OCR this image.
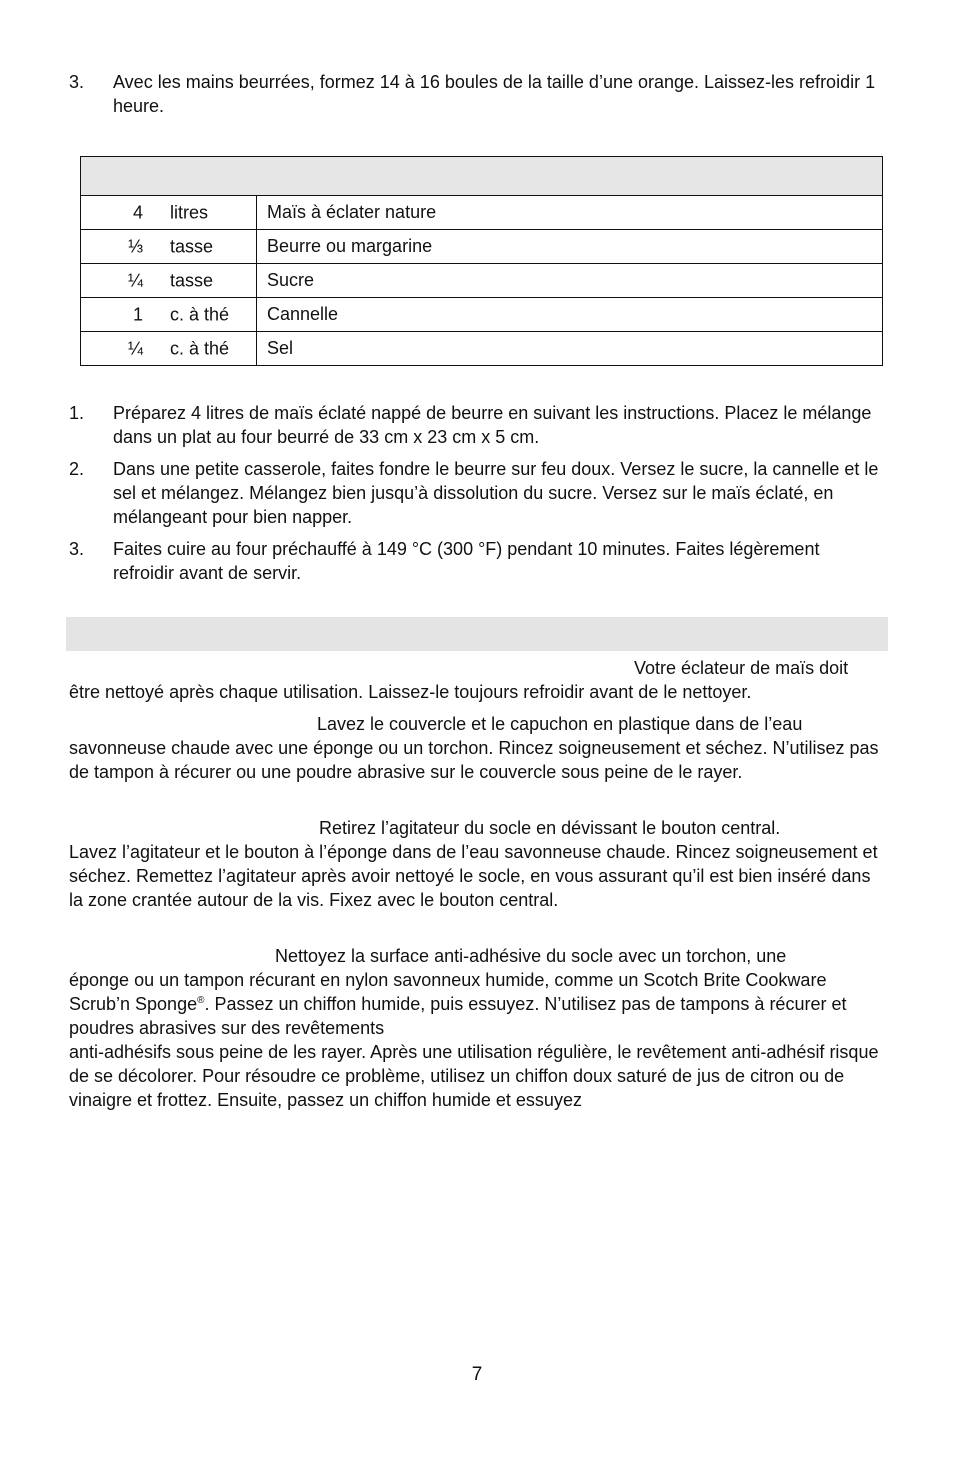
3.	Avec les mains beurrées, formez 14 à 16 boules de la taille d’une orange. Laissez-les refroidir 1 heure.

4 litres	Maïs à éclater nature

⅓ tasse	Beurre ou margarine

¼ tasse	Sucre

1 c. à thé	Cannelle

¼ c. à thé	Sel
1.	Préparez 4 litres de maïs éclaté nappé de beurre en suivant les instructions. Placez le mélange dans un plat au four beurré de 33 cm x 23 cm x 5 cm.
2.	Dans une petite casserole, faites fondre le beurre sur feu doux. Versez le sucre, la cannelle et le sel et mélangez. Mélangez bien jusqu’à dissolution du sucre. Versez sur le maïs éclaté, en mélangeant pour bien napper.
3.	Faites cuire au four préchauffé à 149 °C (300 °F) pendant 10 minutes. Faites légèrement refroidir avant de servir.
Votre éclateur de maïs doit
être nettoyé après chaque utilisation. Laissez-le toujours refroidir avant de le nettoyer.
Lavez le couvercle et le capuchon en plastique dans de l’eau
savonneuse chaude avec une éponge ou un torchon. Rincez soigneusement et séchez. N’utilisez pas de tampon à récurer ou une poudre abrasive sur le couvercle sous peine de le rayer.
Retirez l’agitateur du socle en dévissant le bouton central.
Lavez l’agitateur et le bouton à l’éponge dans de l’eau savonneuse chaude. Rincez soigneusement et séchez. Remettez l’agitateur après avoir nettoyé le socle, en vous assurant qu’il est bien inséré dans la zone crantée autour de la vis. Fixez avec le bouton central.
Nettoyez la surface anti-adhésive du socle avec un torchon, une
éponge ou un tampon récurant en nylon savonneux humide, comme un Scotch Brite Cookware Scrub’n Sponge®. Passez un chiffon humide, puis essuyez. N’utilisez pas de tampons à récurer et poudres abrasives sur des revêtements
anti-adhésifs sous peine de les rayer. Après une utilisation régulière, le revêtement anti-adhésif risque de se décolorer. Pour résoudre ce problème, utilisez un chiffon doux saturé de jus de citron ou de vinaigre et frottez. Ensuite, passez un chiffon humide et essuyez
7
